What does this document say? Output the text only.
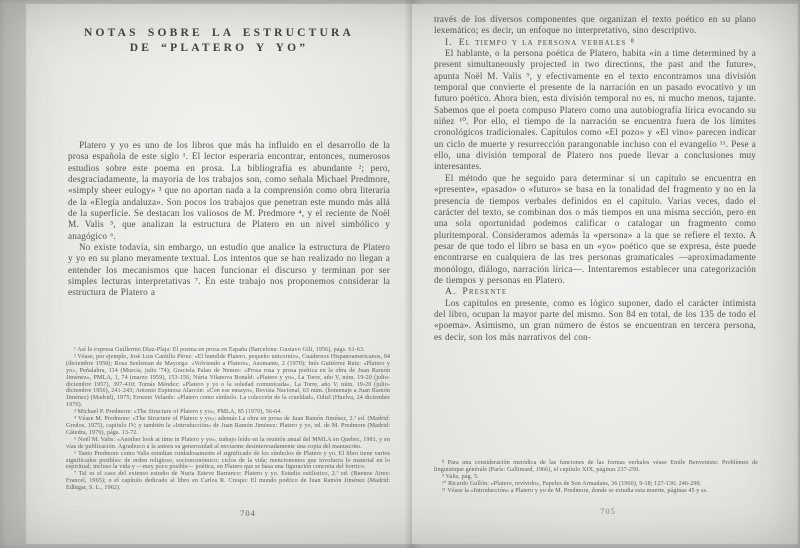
NOTAS SOBRE LA ESTRUCTURA
DE “PLATERO Y YO”

Platero y yo es uno de los libros que más ha influido en el desarrollo de la prosa española de este siglo ¹. El lector esperaría encontrar, entonces, numerosos estudios sobre este poema en prosa. La bibliografía es abundante ²; pero, desgraciadamente, la mayoría de los trabajos son, como señala Michael Predmore, «simply sheer eulogy» ³ que no aportan nada a la comprensión como obra literaria de la «Elegía andaluza». Son pocos los trabajos que penetran este mundo más allá de la superficie. Se destacan los valiosos de M. Predmore ⁴, y el reciente de Noël M. Valis ⁵, que analizan la estructura de Platero en un nivel simbólico y anagógico ⁶.

No existe todavía, sin embargo, un estudio que analice la estructura de Platero y yo en su plano meramente textual. Los intentos que se han realizado no llegan a entender los mecanismos que hacen funcionar el discurso y terminan por ser simples lecturas interpretativas ⁷. En este trabajo nos proponemos considerar la estructura de Platero a

¹ Así lo expresa Guillermo Díaz-Plaja: El poema en prosa en España (Barcelona: Gustavo Gili, 1956), págs. 61-63.

² Véase, por ejemplo, José Luis Cantillo Pérez: «El humilde Platero, pequeño unicornio», Cuadernos Hispanoamericanos, 94 (diciembre 1958); Rosa Seeleman de Mayorga: «Volviendo a Platero», Asomante, 2 (1970); Inés Gutiérrez Ruiz: «Platero y yo», Peñalabra, 114 (Murcia, julio '74); Graciela Palau de Nemes: «Prosa rosa y prosa poética en la obra de Juan Ramón Jiménez», PMLA, 1, 74 (marzo 1959), 153-156; Núria Vilanova Bonald: «Platero y yo», La Torre, año V, núm. 19-20 (julio-diciembre 1957), 397-410; Tomás Méndez: «Platero y yo o la soledad comunicada», La Torre, año V, núm. 19-20 (julio-diciembre 1956), 241-243; Antonio Espinosa Alarcón: «Con ese ensayo», Revista Nacional, 63 núm. (homenaje a Juan Ramón Jiménez) (Madrid), 1975; Ernesto Velarde: «Platero como símbolo. La colección de la crueldad», Odiel (Huelva, 24 diciembre 1970).

³ Michael P. Predmore: «The Structure of Platero y yo», PMLA, 85 (1970), 56-64.

⁴ Véase M. Predmore: «The Structure of Platero y yo»; además La obra en prosa de Juan Ramón Jiménez, 2.ª ed. (Madrid: Gredos, 1975), capítulo IV; y también la «Introducción» de Juan Ramón Jiménez: Platero y yo, ed. de M. Predmore (Madrid: Cátedra, 1979), págs. 13-72.

⁵ Noël M. Valis: «Another look at time in Platero y yo», trabajo leído en la reunión anual del MMLA en Quebec, 1981, y en vías de publicación. Agradezco a la autora su generosidad al enviarme desinteresadamente una copia del manuscrito.

⁶ Tanto Predmore como Valis estudian cuidadosamente el significado de los símbolos de Platero y yo. El libro tiene varios significados posibles: de orden religioso, socioeconómico; ciclos de la vida; mencionemos que involucra lo material en lo espiritual; incluso la vida y —muy poco posible— poética, en Platero que se basa una figuración concreta del borrico.

⁷ Tal es el caso del extenso estudio de Nuria Esteve Barranco: Platero y yo. Estudio estilístico, 2.ª ed. (Buenos Aires: Francel, 1965); o el capítulo dedicado al libro en Carlos R. Crespo: El mundo poético de Juan Ramón Jiménez (Madrid: Edhigar, S. L., 1962).

704

través de los diversos componentes que organizan el texto poético en su plano lexemático; es decir, un enfoque no interpretativo, sino descriptivo.

I. El tiempo y la persona verbales ⁸

El hablante, o la persona poética de Platero, habita «in a time determined by a present simultaneously projected in two directions, the past and the future», apunta Noël M. Valis ⁹, y efectivamente en el texto encontramos una división temporal que convierte el presente de la narración en un pasado evocativo y un futuro poético. Ahora bien, esta división temporal no es, ni mucho menos, tajante. Sabemos que el poeta compuso Platero como una autobiografía lírica evocando su niñez ¹⁰. Por ello, el tiempo de la narración se encuentra fuera de los límites cronológicos tradicionales. Capítulos como «El pozo» y «El vino» parecen indicar un ciclo de muerte y resurrección parangonable incluso con el evangelio ¹¹. Pese a ello, una división temporal de Platero nos puede llevar a conclusiones muy interesantes.

El método que he seguido para determinar si un capítulo se encuentra en «presente», «pasado» o «futuro» se basa en la tonalidad del fragmento y no en la presencia de tiempos verbales definidos en el capítulo. Varias veces, dado el carácter del texto, se combinan dos o más tiempos en una misma sección, pero en una sola oportunidad podemos calificar o catalogar un fragmento como pluritemporal. Consideramos además la «persona» a la que se refiere el texto. A pesar de que todo el libro se basa en un «yo» poético que se expresa, éste puede encontrarse en cualquiera de las tres personas gramaticales —aproximadamente monólogo, diálogo, narración lírica—. Intentaremos establecer una categorización de tiempos y personas en Platero.

A. Presente

Los capítulos en presente, como es lógico suponer, dado el carácter intimista del libro, ocupan la mayor parte del mismo. Son 84 en total, de los 135 de todo el «poema». Asimismo, un gran número de éstos se encuentran en tercera persona, es decir, son los más narrativos del con-

⁸ Para una consideración metódica de las funciones de las formas verbales véase Emile Benveniste: Problèmes de linguistique générale (París: Gallimard, 1966), el capítulo XIX, páginas 237-250.

⁹ Valis, pág. 5.

¹⁰ Ricardo Gullón: «Platero, revivido», Papeles de Son Armadans, 36 (1960), 9-18; 127-136; 246-290.

¹¹ Véase la «Introducción» a Platero y yo de M. Predmore, donde se estudia esta muerte, páginas 45 y ss.

705
